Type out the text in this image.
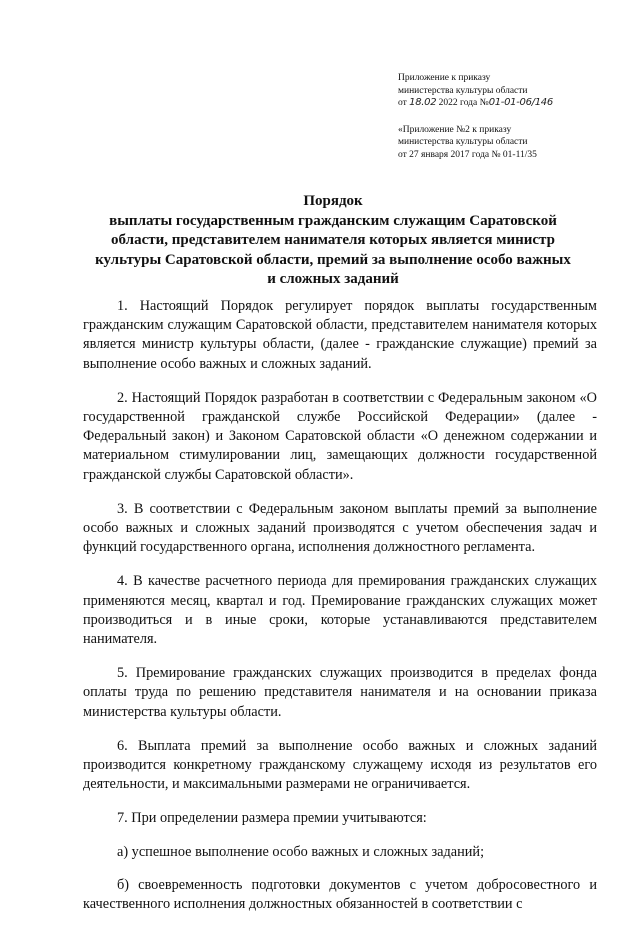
Приложение к приказу
министерства культуры области
от 18.02 2022 года №01-01-06/146
«Приложение №2 к приказу
министерства культуры области
от 27 января 2017 года № 01-11/35
Порядок
выплаты государственным гражданским служащим Саратовской
области, представителем нанимателя которых является министр
культуры Саратовской области, премий за выполнение особо важных
и сложных заданий

1. Настоящий Порядок регулирует порядок выплаты государственным гражданским служащим Саратовской области, представителем нанимателя которых является министр культуры области, (далее - гражданские служащие) премий за выполнение особо важных и сложных заданий.

2. Настоящий Порядок разработан в соответствии с Федеральным законом «О государственной гражданской службе Российской Федерации» (далее - Федеральный закон) и Законом Саратовской области «О денежном содержании и материальном стимулировании лиц, замещающих должности государственной гражданской службы Саратовской области».

3. В соответствии с Федеральным законом выплаты премий за выполнение особо важных и сложных заданий производятся с учетом обеспечения задач и функций государственного органа, исполнения должностного регламента.

4. В качестве расчетного периода для премирования гражданских служащих применяются месяц, квартал и год. Премирование гражданских служащих может производиться и в иные сроки, которые устанавливаются представителем нанимателя.

5. Премирование гражданских служащих производится в пределах фонда оплаты труда по решению представителя нанимателя и на основании приказа министерства культуры области.

6. Выплата премий за выполнение особо важных и сложных заданий производится конкретному гражданскому служащему исходя из результатов его деятельности, и максимальными размерами не ограничивается.

7. При определении размера премии учитываются:

а) успешное выполнение особо важных и сложных заданий;

б) своевременность подготовки документов с учетом добросовестного и качественного исполнения должностных обязанностей в соответствии с
